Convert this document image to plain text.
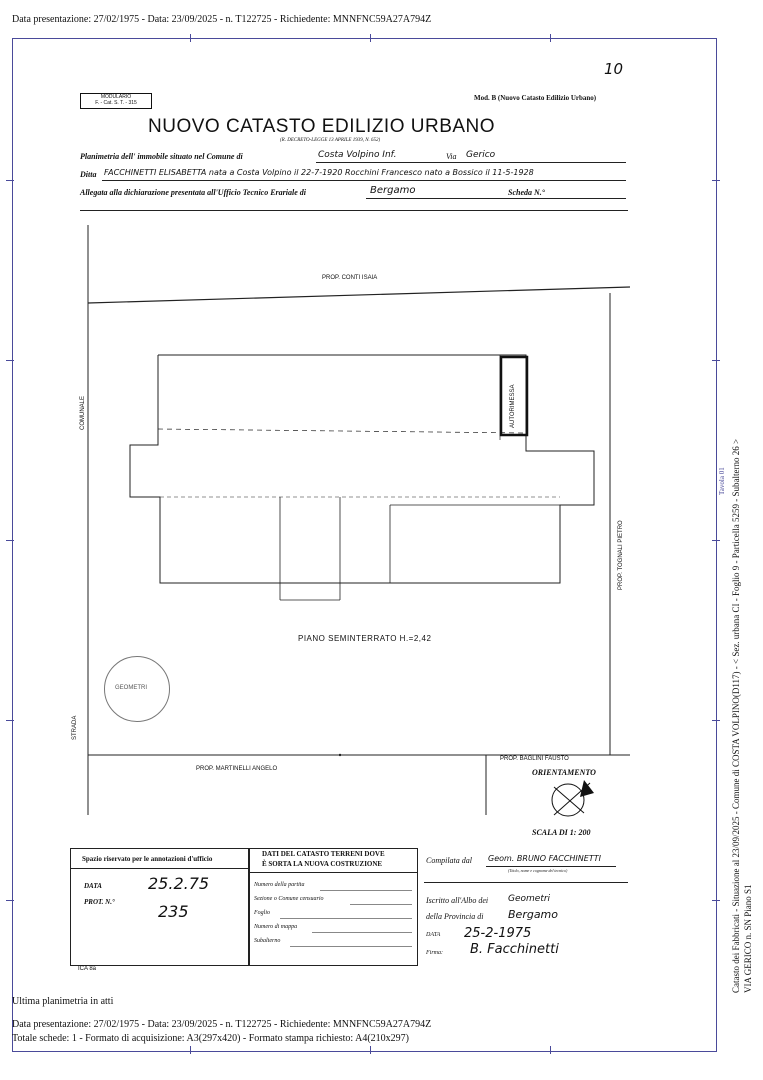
Data presentazione: 27/02/1975 - Data: 23/09/2025 - n. T122725 - Richiedente: MNNFNC59A27A794Z
10
MODULARIO
F. - Cat. S. T. - 315
Mod. B (Nuovo Catasto Edilizio Urbano)
NUOVO CATASTO EDILIZIO URBANO
(R. DECRETO-LEGGE 13 APRILE 1939, N. 652)
Planimetria dell' immobile situato nel Comune di	Costa Volpino Inf.	Via Gerico
Ditta FACCHINETTI ELISABETTA nata a Costa Volpino il 22-7-1920 Rocchini Francesco nato a Bossico il 11-5-1928
Allegata alla dichiarazione presentata all'Ufficio Tecnico Erariale di	Bergamo	Scheda N.°
PROP. CONTI ISAIA
COMUNALE
STRADA
AUTORIMESSA
PROP. TOGNALI PIETRO
PIANO SEMINTERRATO H.=2,42
PROP. MARTINELLI ANGELO
PROP. BAGLINI FAUSTO
ORIENTAMENTO
SCALA DI 1: 200
GEOMETRI
Spazio riservato per le annotazioni d'ufficio
DATA	25.2.75
PROT. N.°	235
ICA 8a
DATI DEL CATASTO TERRENI DOVE
È SORTA LA NUOVA COSTRUZIONE
Numero della partita
Sezione o Comune censuario
Foglio
Numero di mappa
Subalterno
Compilata dal Geom. BRUNO FACCHINETTI
(Titolo, nome e cognome del tecnico)
Iscritto all'Albo dei Geometri
della Provincia di Bergamo
DATA 25-2-1975
Firma: B. Facchinetti	Catasto dei Fabbricati - Situazione al 23/09/2025 - Comune di COSTA VOLPINO(D117) - < Sez. urbana CI - Foglio 9 - Particella 5259 - Subalterno 26 > VIA GERICO n. SN Piano S1
Tavola 01
Ultima planimetria in atti
Data presentazione: 27/02/1975 - Data: 23/09/2025 - n. T122725 - Richiedente: MNNFNC59A27A794Z
Totale schede: 1 - Formato di acquisizione: A3(297x420) - Formato stampa richiesto: A4(210x297)
